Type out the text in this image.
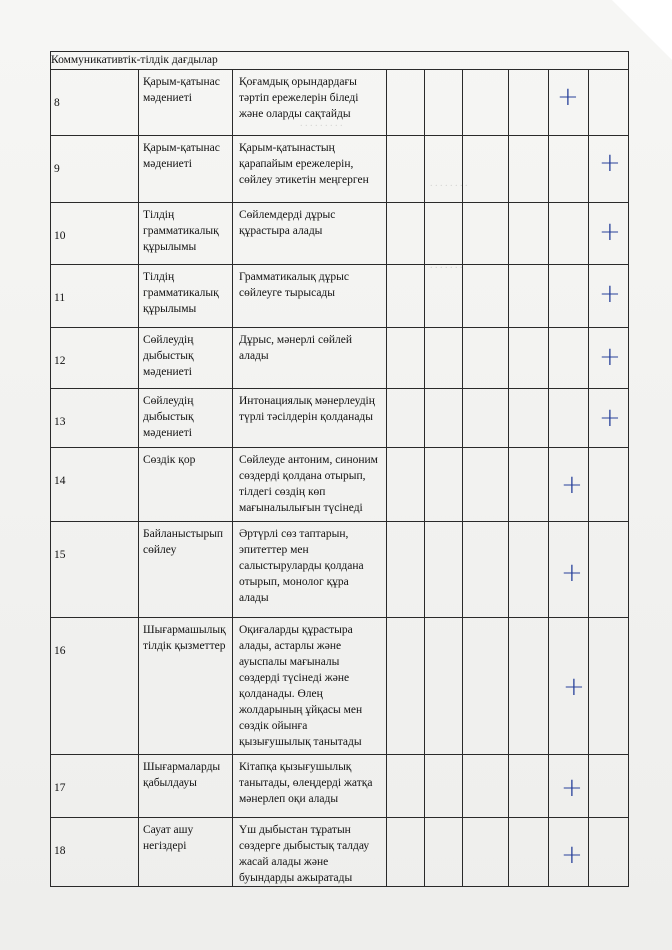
. . . . . . . . .
. . . . . . . .
. . . . . . .
Коммуникативтік-тілдік дағдылар								
8	Қарым-қатынас мәдениеті	Қоғамдық орындардағы тәртіп ережелерін біледі және оларды сақтайды					+	

9	Қарым-қатынас мәдениеті	Қарым-қатынастың қарапайым ережелерін, сөйлеу этикетін меңгерген						+

10	Тілдің грамматикалық құрылымы	Сөйлемдерді дұрыс құрастыра алады						+

11	Тілдің грамматикалық құрылымы	Грамматикалық дұрыс сөйлеуге тырысады						+

12	Сөйлеудің дыбыстық мәдениеті	Дұрыс, мәнерлі сөйлей алады						+

13	Сөйлеудің дыбыстық мәдениеті	Интонациялық мәнерлеудің түрлі тәсілдерін қолданады						+

14	Сөздік қор	Сөйлеуде антоним, синоним сөздерді қолдана отырып, тілдегі сөздің көп мағыналылығын түсінеді					+	

15	Байланыстырып сөйлеу	Әртүрлі сөз таптарын, эпитеттер мен салыстыруларды қолдана отырып, монолог құра алады					+	

16	Шығармашылық тілдік қызметтер	Оқиғаларды құрастыра алады, астарлы және ауыспалы мағыналы сөздерді түсінеді және қолданады. Өлең жолдарының ұйқасы мен сөздік ойынға қызығушылық танытады					+	

17	Шығармаларды қабылдауы	Кітапқа қызығушылық танытады, өлеңдерді жатқа мәнерлеп оқи алады					+	

18	Сауат ашу негіздері	Үш дыбыстан тұратын сөздерге дыбыстық талдау жасай алады және буындарды ажыратады					+	
